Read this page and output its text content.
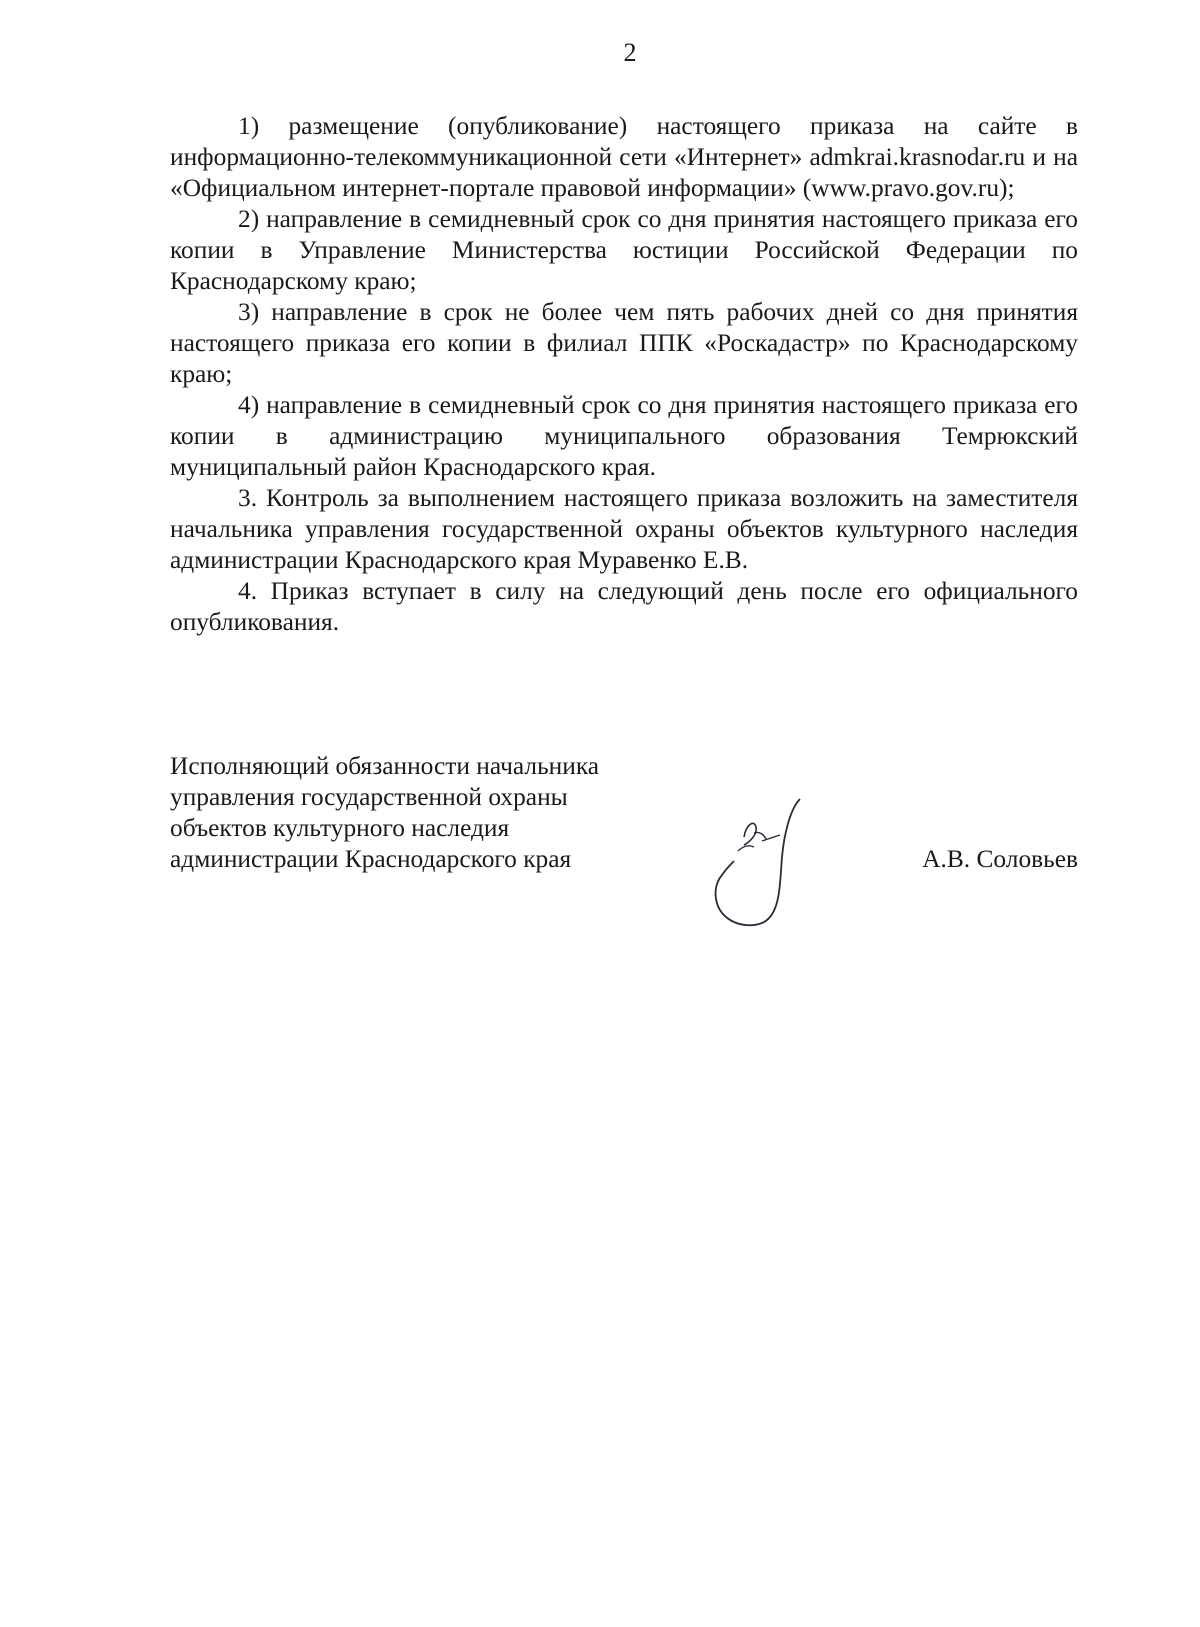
2

1) размещение (опубликование) настоящего приказа на сайте в информационно-телекоммуникационной сети «Интернет» admkrai.krasnodar.ru и на «Официальном интернет-портале правовой информации» (www.pravo.gov.ru);

2) направление в семидневный срок со дня принятия настоящего приказа его копии в Управление Министерства юстиции Российской Федерации по Краснодарскому краю;

3) направление в срок не более чем пять рабочих дней со дня принятия настоящего приказа его копии в филиал ППК «Роскадастр» по Краснодарскому краю;

4) направление в семидневный срок со дня принятия настоящего приказа его копии в администрацию муниципального образования Темрюкский муниципальный район Краснодарского края.

3. Контроль за выполнением настоящего приказа возложить на заместителя начальника управления государственной охраны объектов культурного наследия администрации Краснодарского края Муравенко Е.В.

4. Приказ вступает в силу на следующий день после его официального опубликования.

Исполняющий обязанности начальника
управления государственной охраны
объектов культурного наследия
администрации Краснодарского края	А.В. Соловьев
